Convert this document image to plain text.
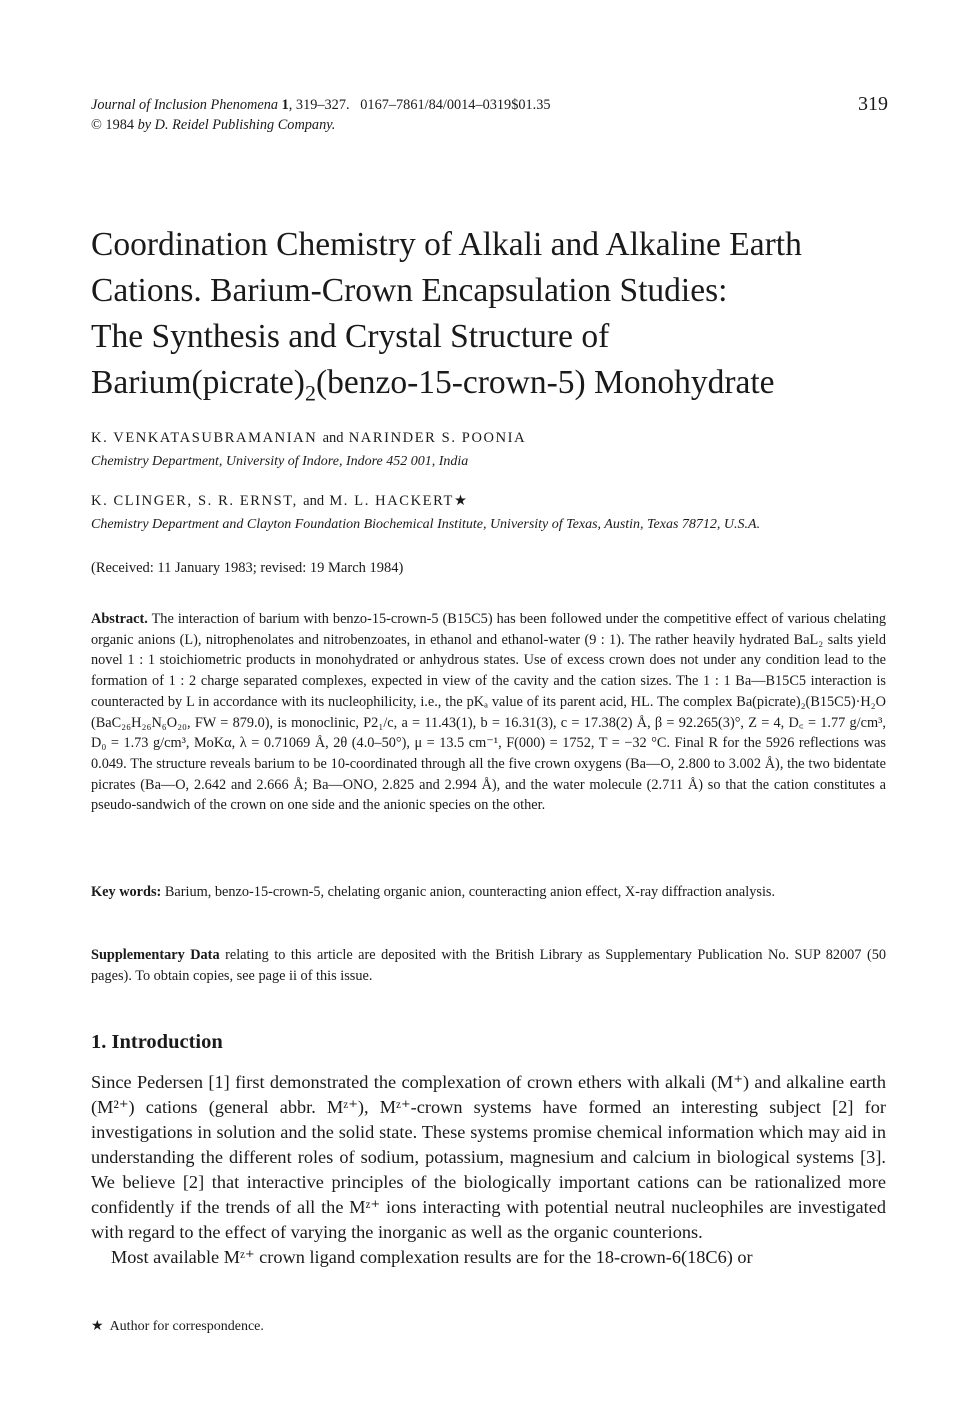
Journal of Inclusion Phenomena 1, 319–327. 0167–7861/84/0014–0319$01.35
© 1984 by D. Reidel Publishing Company.
319
Coordination Chemistry of Alkali and Alkaline Earth
Cations. Barium-Crown Encapsulation Studies:
The Synthesis and Crystal Structure of
$Barium(picrate)_2(benzo-15-crown-5)$ Monohydrate
K. VENKATASUBRAMANIAN and NARINDER S. POONIA
Chemistry Department, University of Indore, Indore 452 001, India
K. CLINGER, S. R. ERNST, and M. L. HACKERT★
Chemistry Department and Clayton Foundation Biochemical Institute, University of Texas, Austin, Texas 78712, U.S.A.
(Received: 11 January 1983; revised: 19 March 1984)
Abstract. The interaction of barium with benzo-15-crown-5 (B15C5) has been followed under the competitive effect of various chelating organic anions (L), nitrophenolates and nitrobenzoates, in ethanol and ethanol-water (9 : 1). The rather heavily hydrated BaL₂ salts yield novel 1 : 1 stoichiometric products in monohydrated or anhydrous states. Use of excess crown does not under any condition lead to the formation of 1 : 2 charge separated complexes, expected in view of the cavity and the cation sizes. The 1 : 1 Ba—B15C5 interaction is counteracted by L in accordance with its nucleophilicity, i.e., the pKₐ value of its parent acid, HL. The complex Ba(picrate)₂(B15C5)·H₂O (BaC₂₆H₂₆N₆O₂₀, FW = 879.0), is monoclinic, P2₁/c, a = 11.43(1), b = 16.31(3), c = 17.38(2) Å, β = 92.265(3)°, Z = 4, D꜀ = 1.77 g/cm³, D₀ = 1.73 g/cm³, MoKα, λ = 0.71069 Å, 2θ (4.0–50°), μ = 13.5 cm⁻¹, F(000) = 1752, T = −32 °C. Final R for the 5926 reflections was 0.049. The structure reveals barium to be 10-coordinated through all the five crown oxygens (Ba—O, 2.800 to 3.002 Å), the two bidentate picrates (Ba—O, 2.642 and 2.666 Å; Ba—ONO, 2.825 and 2.994 Å), and the water molecule (2.711 Å) so that the cation constitutes a pseudo-sandwich of the crown on one side and the anionic species on the other.
Key words: Barium, benzo-15-crown-5, chelating organic anion, counteracting anion effect, X-ray diffraction analysis.
Supplementary Data relating to this article are deposited with the British Library as Supplementary Publication No. SUP 82007 (50 pages). To obtain copies, see page ii of this issue.
1. Introduction

Since Pedersen [1] first demonstrated the complexation of crown ethers with alkali (M⁺) and alkaline earth (M²⁺) cations (general abbr. Mᶻ⁺), Mᶻ⁺-crown systems have formed an interesting subject [2] for investigations in solution and the solid state. These systems promise chemical information which may aid in understanding the different roles of sodium, potassium, magnesium and calcium in biological systems [3]. We believe [2] that interactive principles of the biologically important cations can be rationalized more confidently if the trends of all the Mᶻ⁺ ions interacting with potential neutral nucleophiles are investigated with regard to the effect of varying the inorganic as well as the organic counterions.

Most available Mᶻ⁺ crown ligand complexation results are for the 18-crown-6(18C6) or

★ Author for correspondence.
